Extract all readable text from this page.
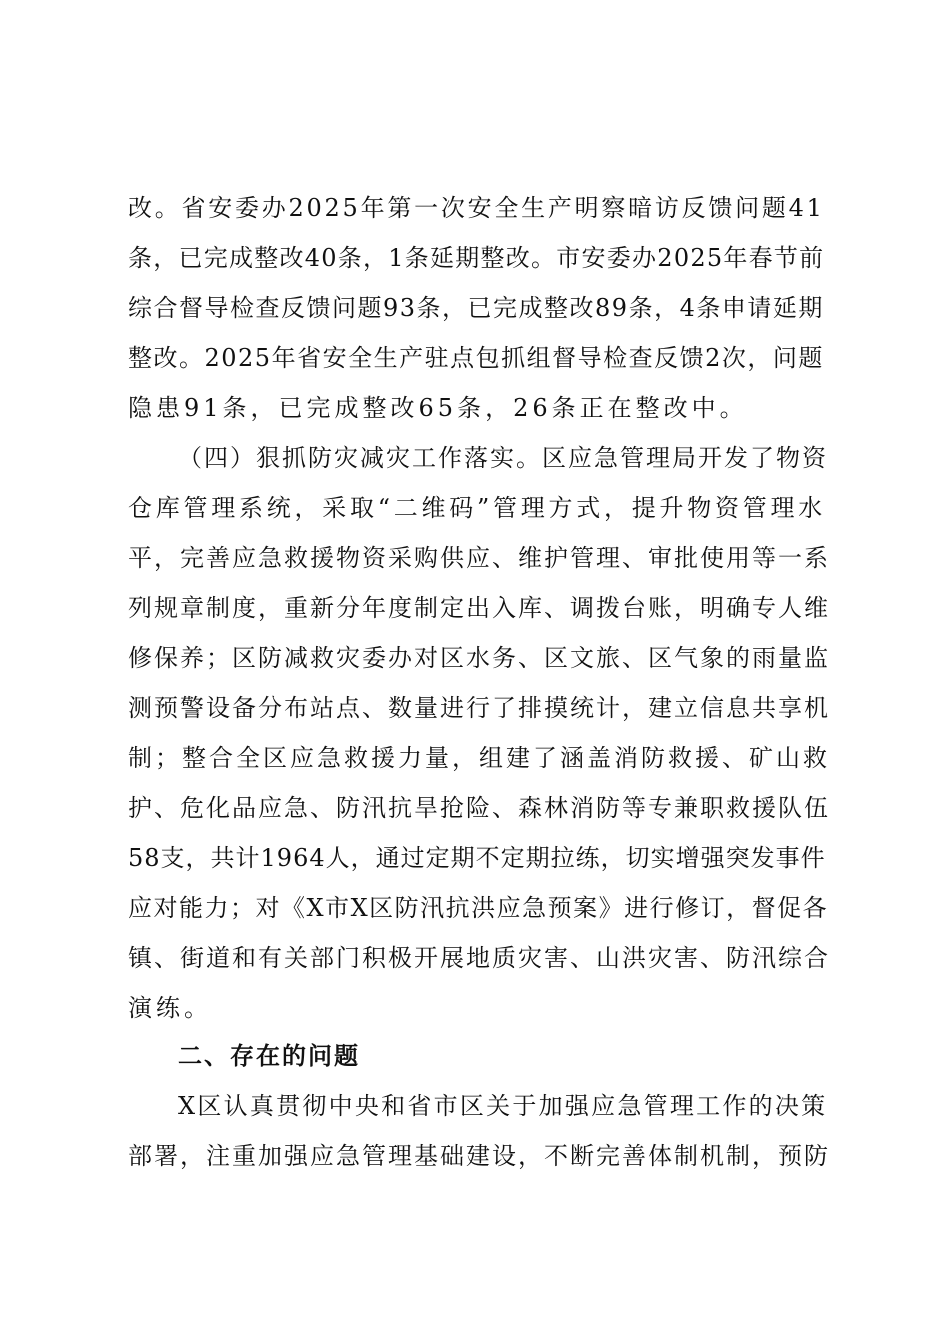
改。省安委办2025年第一次安全生产明察暗访反馈问题41
条，已完成整改40条，1条延期整改。市安委办2025年春节前
综合督导检查反馈问题93条，已完成整改89条，4条申请延期
整改。2025年省安全生产驻点包抓组督导检查反馈2次，问题
隐患91条，已完成整改65条，26条正在整改中。
（四）狠抓防灾减灾工作落实。区应急管理局开发了物资
仓库管理系统，采取“二维码”管理方式，提升物资管理水
平，完善应急救援物资采购供应、维护管理、审批使用等一系
列规章制度，重新分年度制定出入库、调拨台账，明确专人维
修保养；区防减救灾委办对区水务、区文旅、区气象的雨量监
测预警设备分布站点、数量进行了排摸统计，建立信息共享机
制；整合全区应急救援力量，组建了涵盖消防救援、矿山救
护、危化品应急、防汛抗旱抢险、森林消防等专兼职救援队伍
58支，共计1964人，通过定期不定期拉练，切实增强突发事件
应对能力；对《X市X区防汛抗洪应急预案》进行修订，督促各
镇、街道和有关部门积极开展地质灾害、山洪灾害、防汛综合
演练。
二、存在的问题
X区认真贯彻中央和省市区关于加强应急管理工作的决策
部署，注重加强应急管理基础建设，不断完善体制机制，预防
